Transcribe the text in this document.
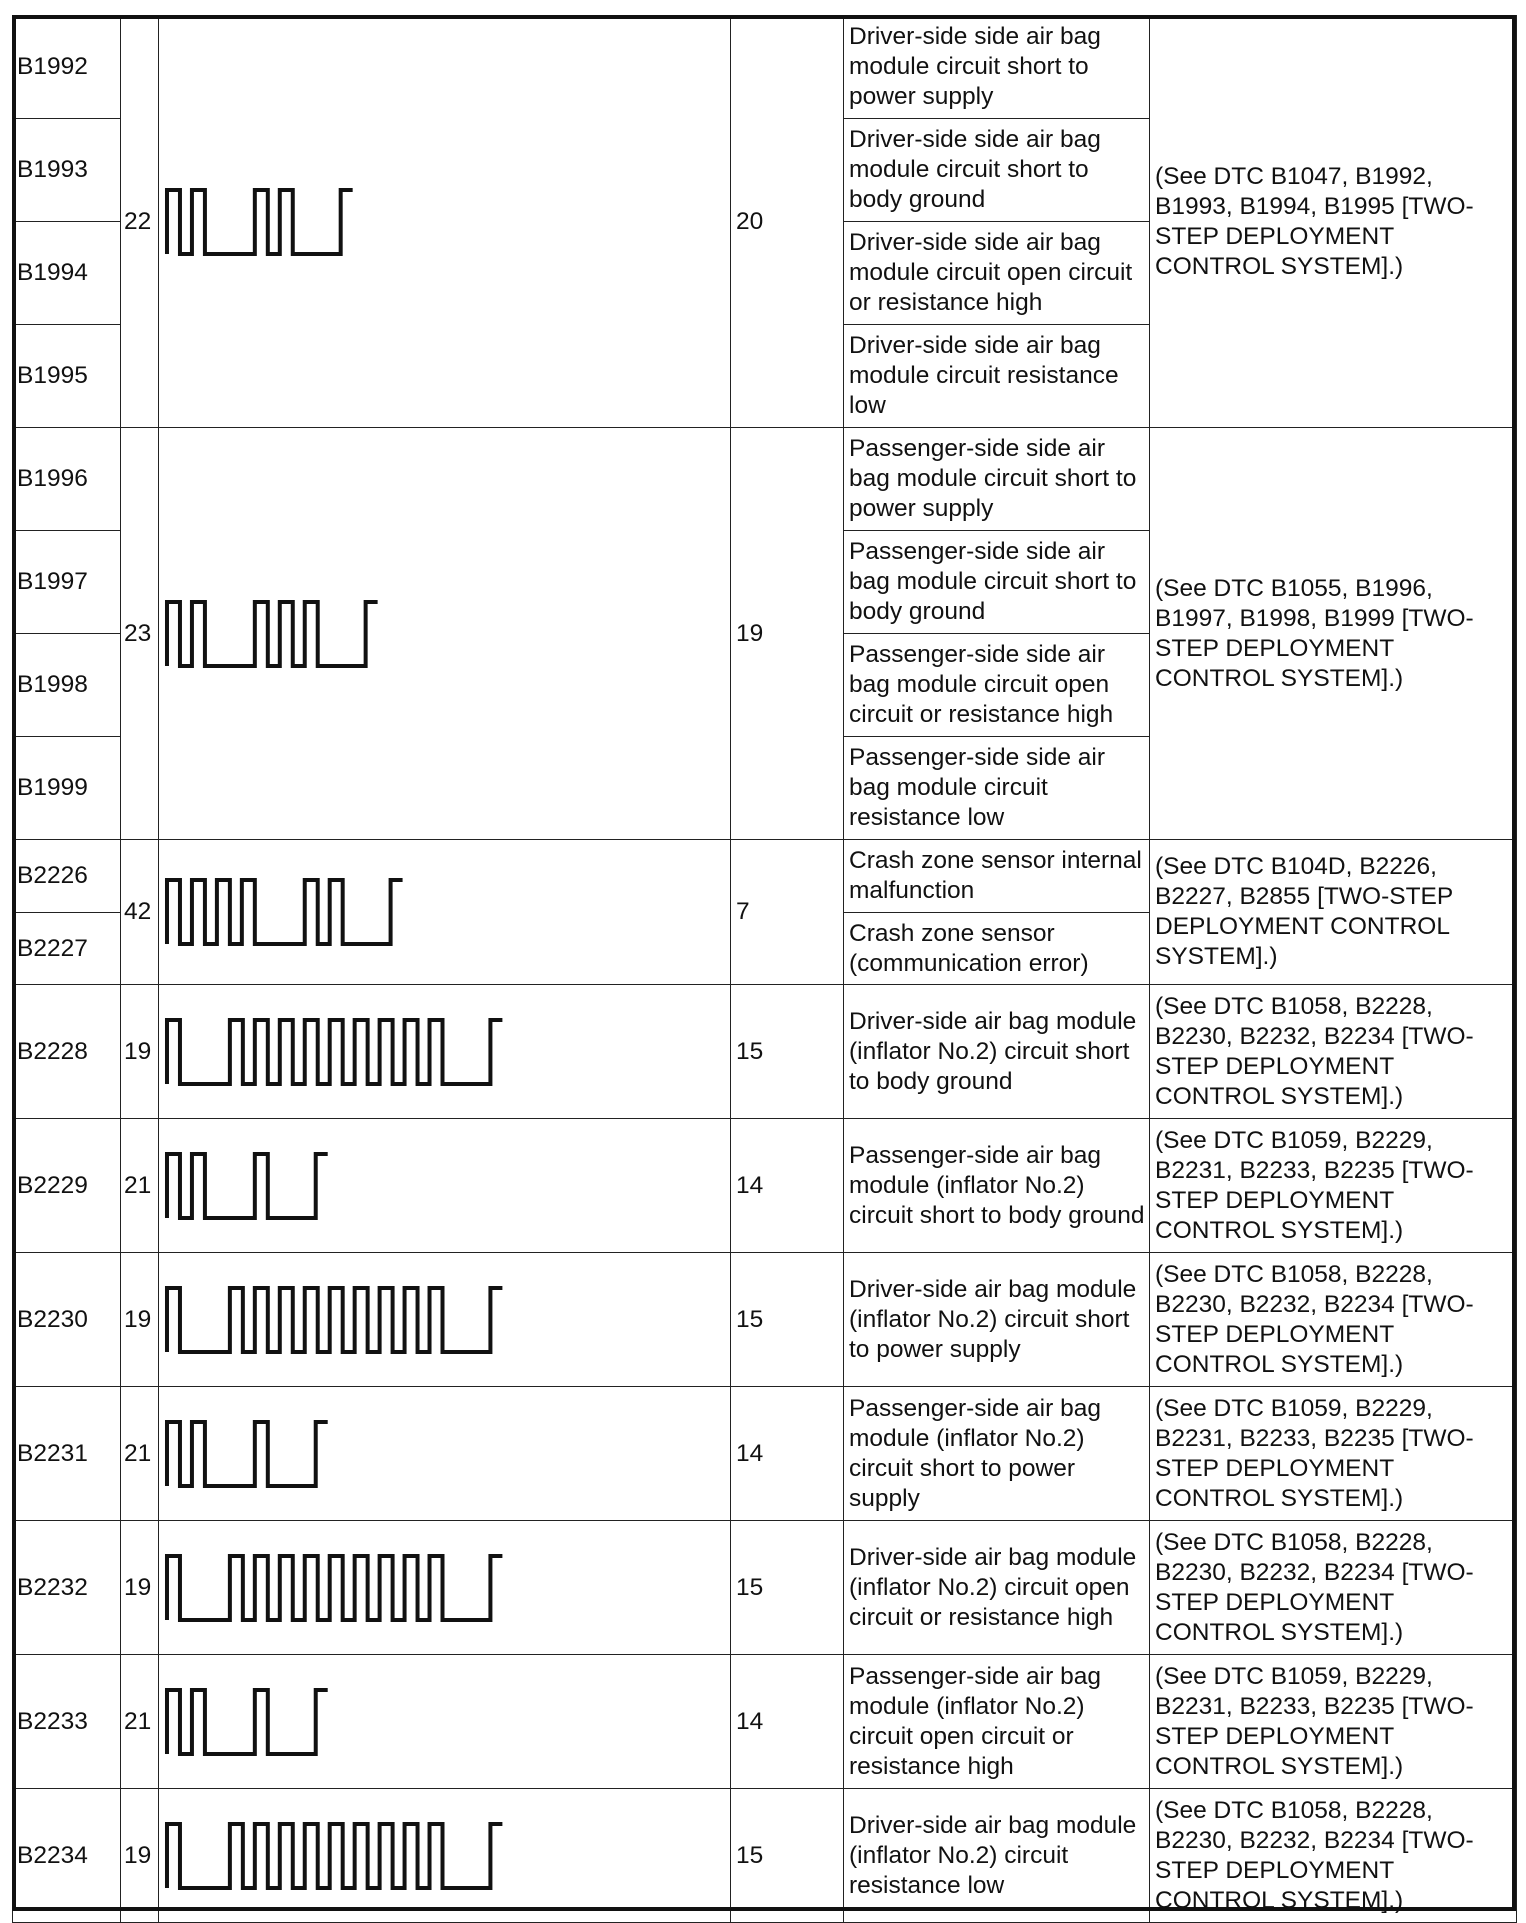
B1992	22		20	Driver-side side air bag module circuit short to power supply	(See DTC B1047, B1992, B1993, B1994, B1995 [TWO-STEP DEPLOYMENT CONTROL SYSTEM].)
B1993				Driver-side side air bag module circuit short to body ground	
B1994				Driver-side side air bag module circuit open circuit or resistance high	
B1995				Driver-side side air bag module circuit resistance low	
B1996	23		19	Passenger-side side air bag module circuit short to power supply	(See DTC B1055, B1996, B1997, B1998, B1999 [TWO-STEP DEPLOYMENT CONTROL SYSTEM].)
B1997				Passenger-side side air bag module circuit short to body ground	
B1998				Passenger-side side air bag module circuit open circuit or resistance high	
B1999				Passenger-side side air bag module circuit resistance low	
B2226	42		7	Crash zone sensor internal malfunction	(See DTC B104D, B2226, B2227, B2855 [TWO-STEP DEPLOYMENT CONTROL SYSTEM].)
B2227				Crash zone sensor (communication error)	
B2228	19		15	Driver-side air bag module (inflator No.2) circuit short to body ground	(See DTC B1058, B2228, B2230, B2232, B2234 [TWO-STEP DEPLOYMENT CONTROL SYSTEM].)
B2229	21		14	Passenger-side air bag module (inflator No.2) circuit short to body ground	(See DTC B1059, B2229, B2231, B2233, B2235 [TWO-STEP DEPLOYMENT CONTROL SYSTEM].)
B2230	19		15	Driver-side air bag module (inflator No.2) circuit short to power supply	(See DTC B1058, B2228, B2230, B2232, B2234 [TWO-STEP DEPLOYMENT CONTROL SYSTEM].)
B2231	21		14	Passenger-side air bag module (inflator No.2) circuit short to power supply	(See DTC B1059, B2229, B2231, B2233, B2235 [TWO-STEP DEPLOYMENT CONTROL SYSTEM].)
B2232	19		15	Driver-side air bag module (inflator No.2) circuit open circuit or resistance high	(See DTC B1058, B2228, B2230, B2232, B2234 [TWO-STEP DEPLOYMENT CONTROL SYSTEM].)
B2233	21		14	Passenger-side air bag module (inflator No.2) circuit open circuit or resistance high	(See DTC B1059, B2229, B2231, B2233, B2235 [TWO-STEP DEPLOYMENT CONTROL SYSTEM].)
B2234	19		15	Driver-side air bag module (inflator No.2) circuit resistance low	(See DTC B1058, B2228, B2230, B2232, B2234 [TWO-STEP DEPLOYMENT CONTROL SYSTEM].)
